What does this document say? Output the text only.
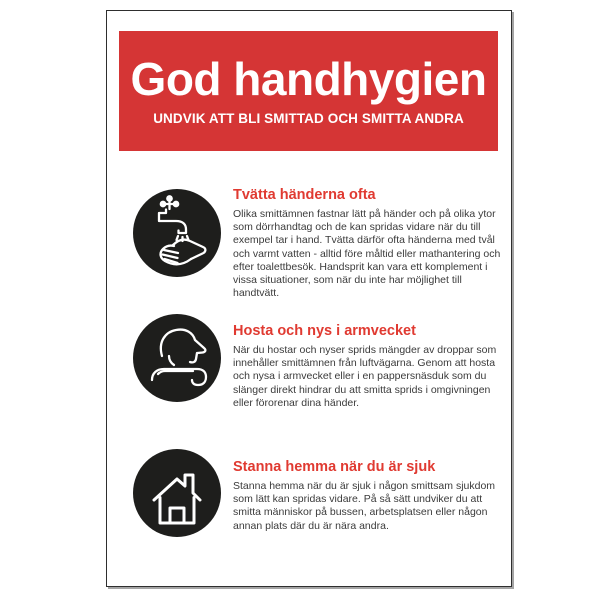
God handhygien
UNDVIK ATT BLI SMITTAD OCH SMITTA ANDRA
Tvätta händerna ofta

Olika smittämnen fastnar lätt på händer och på olika ytor som dörrhandtag och de kan spridas vidare när du till exempel tar i hand. Tvätta därför ofta händerna med tvål och varmt vatten - alltid före måltid eller mathantering och efter toalettbesök. Handsprit kan vara ett komplement i vissa situationer, som när du inte har möjlighet till handtvätt.

Hosta och nys i armvecket

När du hostar och nyser sprids mängder av droppar som innehåller smittämnen från luftvägarna. Genom att hosta och nysa i armvecket eller i en pappersnäsduk som du slänger direkt hindrar du att smitta sprids i omgivningen eller förorenar dina händer.

Stanna hemma när du är sjuk

Stanna hemma när du är sjuk i någon smittsam sjukdom som lätt kan spridas vidare. På så sätt undviker du att smitta människor på bussen, arbetsplatsen eller någon annan plats där du är nära andra.
